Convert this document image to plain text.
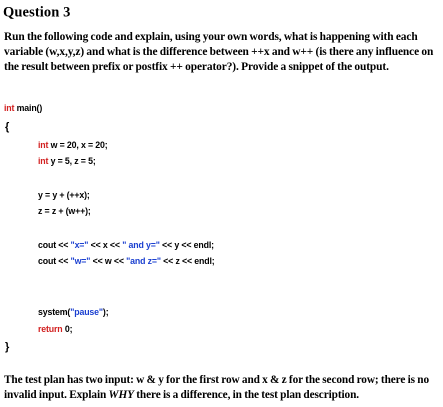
Question 3
Run the following code and explain, using your own words, what is happening with each variable (w,x,y,z) and what is the difference between ++x and w++ (is there any influence on the result between prefix or postfix ++ operator?). Provide a snippet of the output.
int main()
{
int w = 20, x = 20;
int y = 5, z = 5;
y = y + (++x);
z = z + (w++);
cout << "x=" << x << " and y=" << y << endl;
cout << "w=" << w << "and z=" << z << endl;
system("pause");
return 0;
}
The test plan has two input: w & y for the first row and x & z for the second row; there is no invalid input. Explain WHY there is a difference, in the test plan description.
